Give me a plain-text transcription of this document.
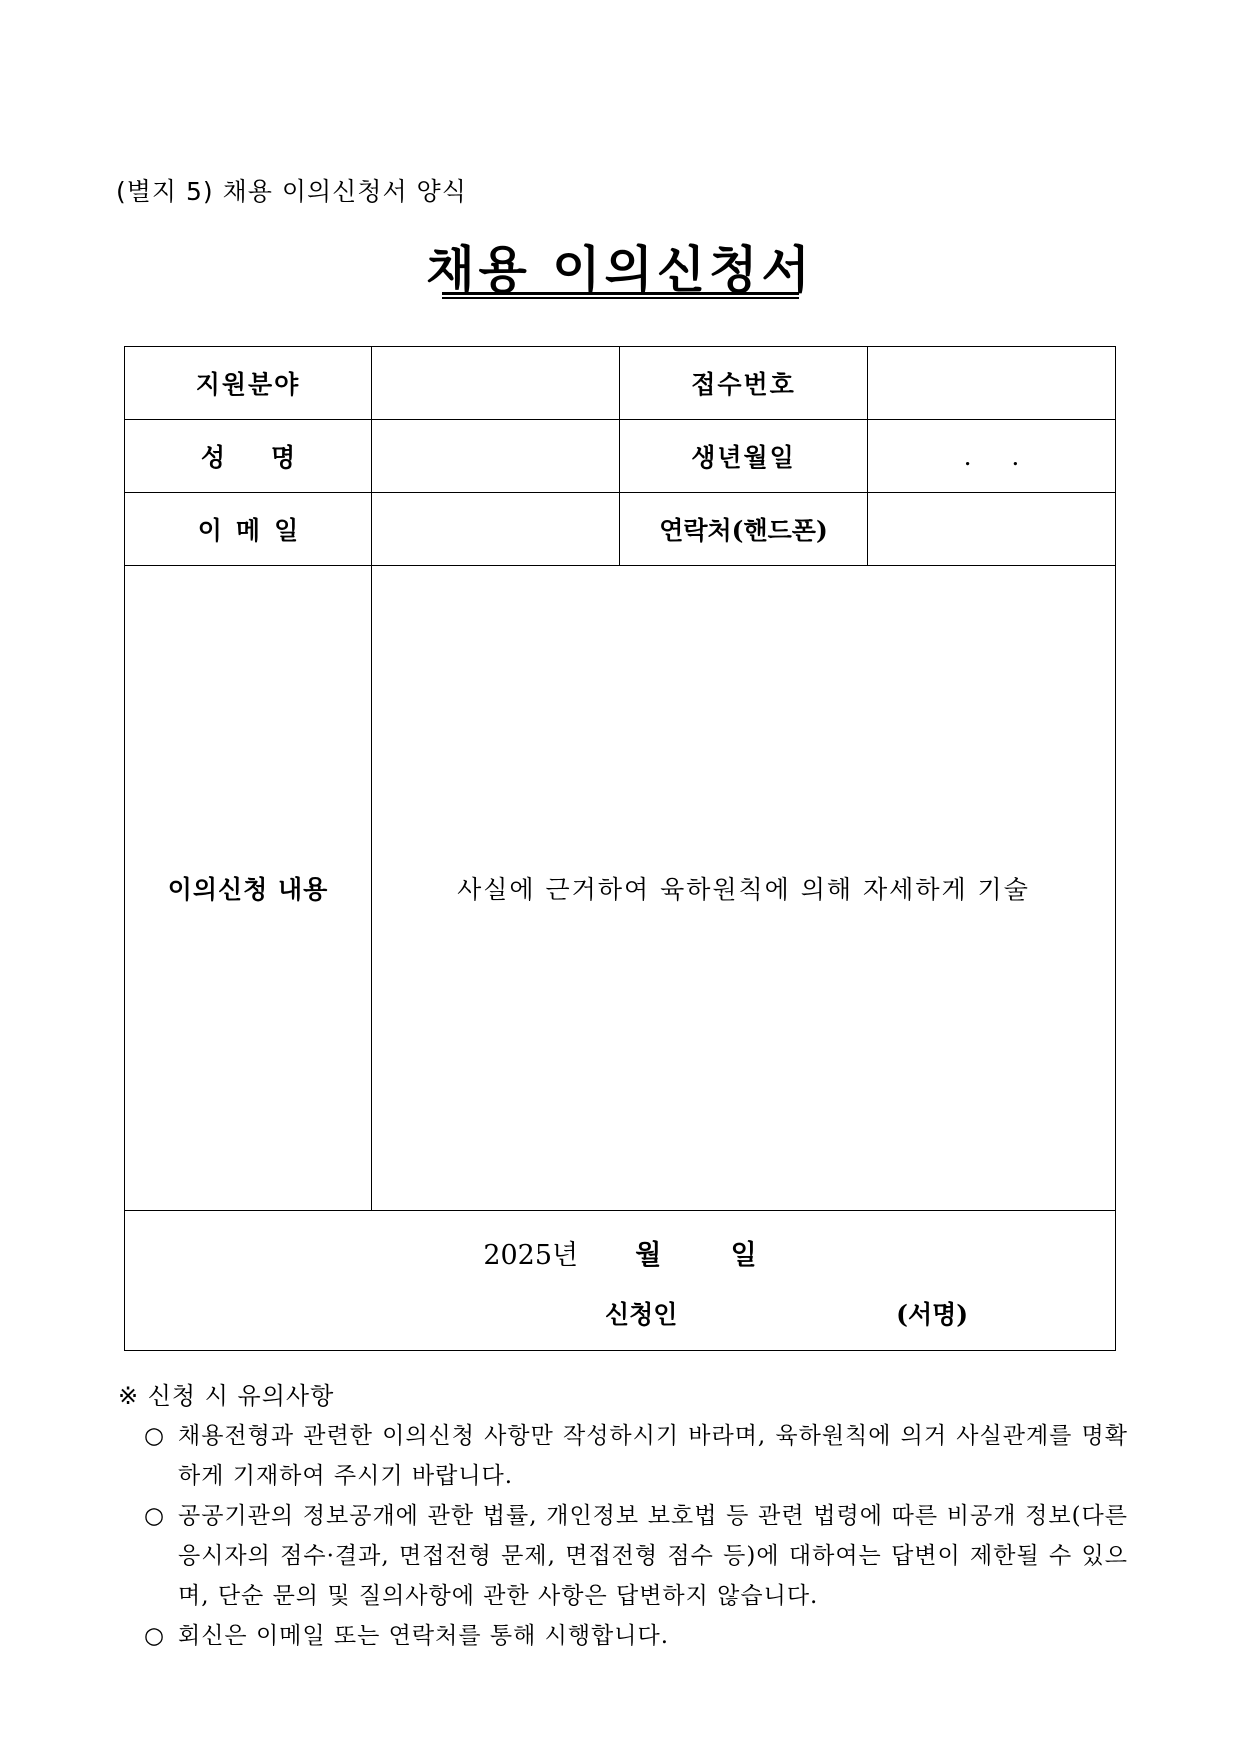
(별지 5) 채용 이의신청서 양식
채용 이의신청서
지원분야		접수번호	
성명		생년월일	.     .
이메일		연락처(핸드폰)	
이의신청 내용	사실에 근거하여 육하원칙에 의해 자세하게 기술		

2025년 월 일
신청인 (서명)			
※ 신청 시 유의사항
○ 채용전형과 관련한 이의신청 사항만 작성하시기 바라며, 육하원칙에 의거 사실관계를 명확하게 기재하여 주시기 바랍니다.
○ 공공기관의 정보공개에 관한 법률, 개인정보 보호법 등 관련 법령에 따른 비공개 정보(다른 응시자의 점수·결과, 면접전형 문제, 면접전형 점수 등)에 대하여는 답변이 제한될 수 있으며, 단순 문의 및 질의사항에 관한 사항은 답변하지 않습니다.
○ 회신은 이메일 또는 연락처를 통해 시행합니다.
